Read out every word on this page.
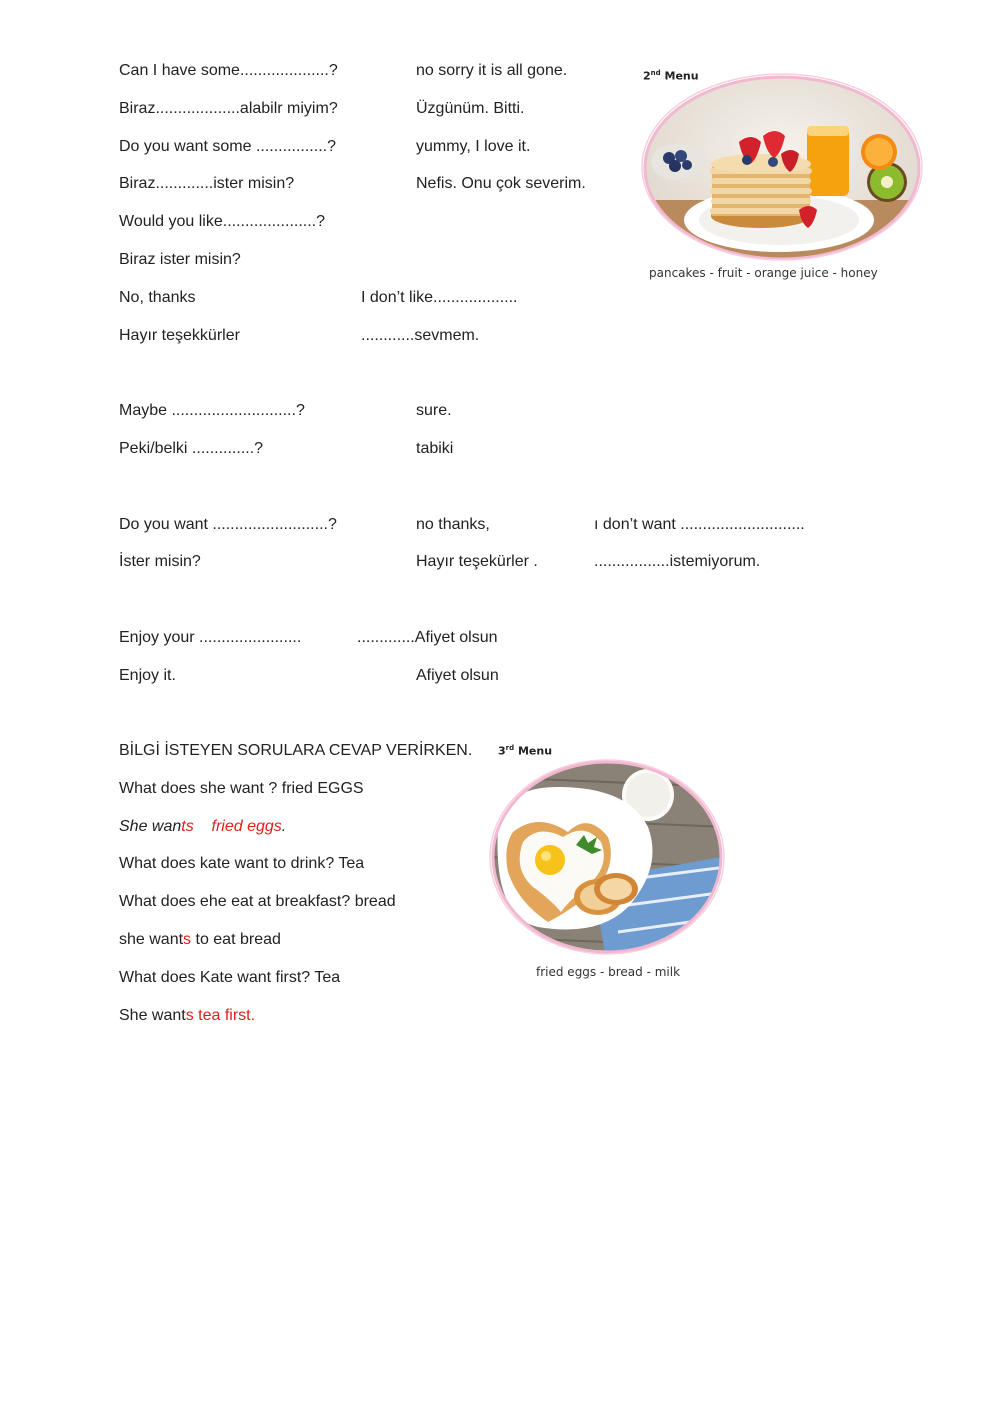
Can I have some....................?	no sorry it is all gone.
Biraz...................alabilr miyim?	Üzgünüm. Bitti.
Do you want some ................?	yummy, I love it.
Biraz.............ister misin?	Nefis. Onu çok severim.
Would you like.....................?
Biraz ister misin?
No, thanks	I don’t like...................
Hayır teşekkürler	............sevmem.
Maybe ............................?	sure.
Peki/belki ..............?	tabiki
Do you want ..........................?	no thanks,	ı don’t want ............................
İster misin?	Hayır teşekürler .	.................istemiyorum.
Enjoy your .......................	.............Afiyet olsun
Enjoy it.	Afiyet olsun
BİLGİ İSTEYEN SORULARA CEVAP VERİRKEN.
What does she want ? fried EGGS
She wants fried eggs.
What does kate want to drink? Tea
What does ehe eat at breakfast? bread
she wants to eat bread
What does Kate want first? Tea
She wants tea first.
2nd Menu
pancakes - fruit - orange juice - honey
3rd Menu
fried eggs - bread - milk
